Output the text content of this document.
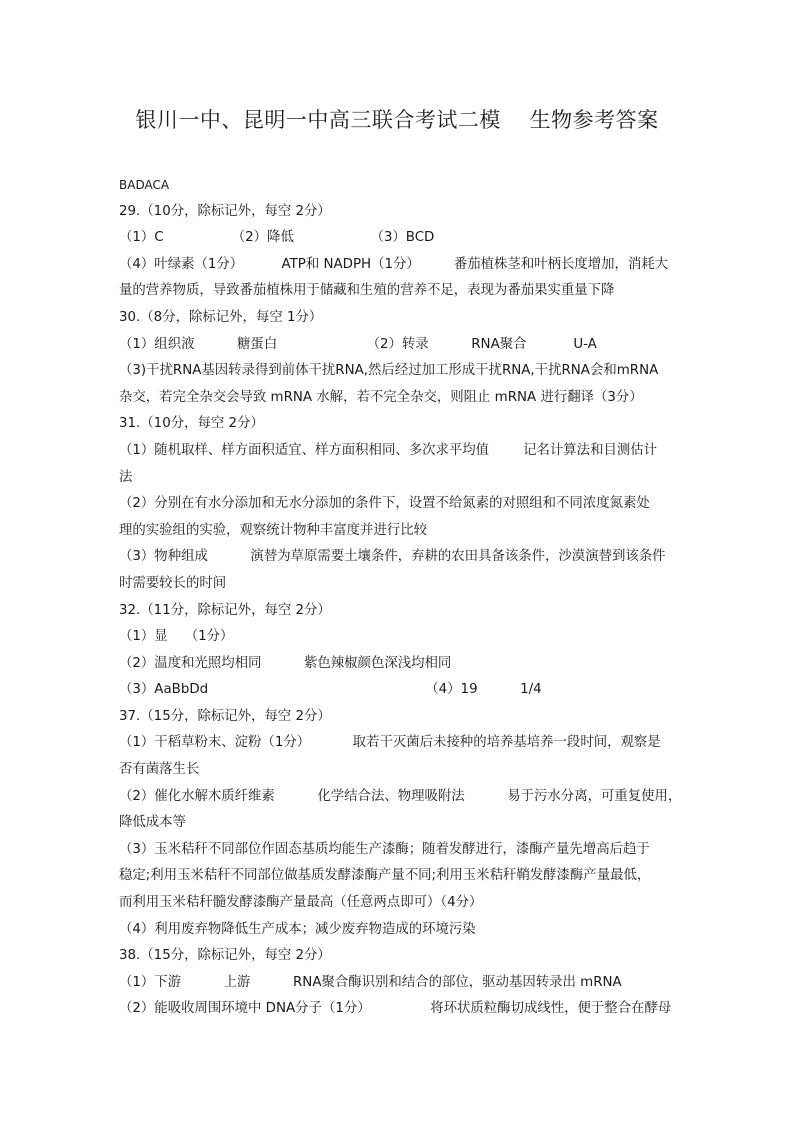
银川一中、昆明一中高三联合考试二模    生物参考答案
BADACA
29.（10分，除标记外，每空 2分）
（1）C                （2）降低                  （3）BCD
（4）叶绿素（1分）         ATP和 NADPH（1分）        番茄植株茎和叶柄长度增加，消耗大
量的营养物质，导致番茄植株用于储藏和生殖的营养不足，表现为番茄果实重量下降
30.（8分，除标记外，每空 1分）
（1）组织液          糖蛋白                     （2）转录          RNA聚合           U-A
（3)干扰RNA基因转录得到前体干扰RNA,然后经过加工形成干扰RNA,干扰RNA会和mRNA
杂交，若完全杂交会导致 mRNA 水解，若不完全杂交，则阻止 mRNA 进行翻译（3分）
31.（10分，每空 2分）
（1）随机取样、样方面积适宜、样方面积相同、多次求平均值        记名计算法和目测估计
法
（2）分别在有水分添加和无水分添加的条件下，设置不给氮素的对照组和不同浓度氮素处
理的实验组的实验，观察统计物种丰富度并进行比较
（3）物种组成          演替为草原需要土壤条件，弃耕的农田具备该条件，沙漠演替到该条件
时需要较长的时间
32.（11分，除标记外，每空 2分）
（1）显    （1分）
（2）温度和光照均相同          紫色辣椒颜色深浅均相同
（3）AaBbDd                                                   （4）19          1/4
37.（15分，除标记外，每空 2分）
（1）干稻草粉末、淀粉（1分）          取若干灭菌后未接种的培养基培养一段时间，观察是
否有菌落生长
（2）催化水解木质纤维素          化学结合法、物理吸附法          易于污水分离，可重复使用，
降低成本等
（3）玉米秸秆不同部位作固态基质均能生产漆酶；随着发酵进行，漆酶产量先增高后趋于
稳定;利用玉米秸秆不同部位做基质发酵漆酶产量不同;利用玉米秸秆鞘发酵漆酶产量最低，
而利用玉米秸秆髓发酵漆酶产量最高（任意两点即可）（4分）
（4）利用废弃物降低生产成本；减少废弃物造成的环境污染
38.（15分，除标记外，每空 2分）
（1）下游          上游          RNA聚合酶识别和结合的部位，驱动基因转录出 mRNA
（2）能吸收周围环境中 DNA分子（1分）              将环状质粒酶切成线性，便于整合在酵母
